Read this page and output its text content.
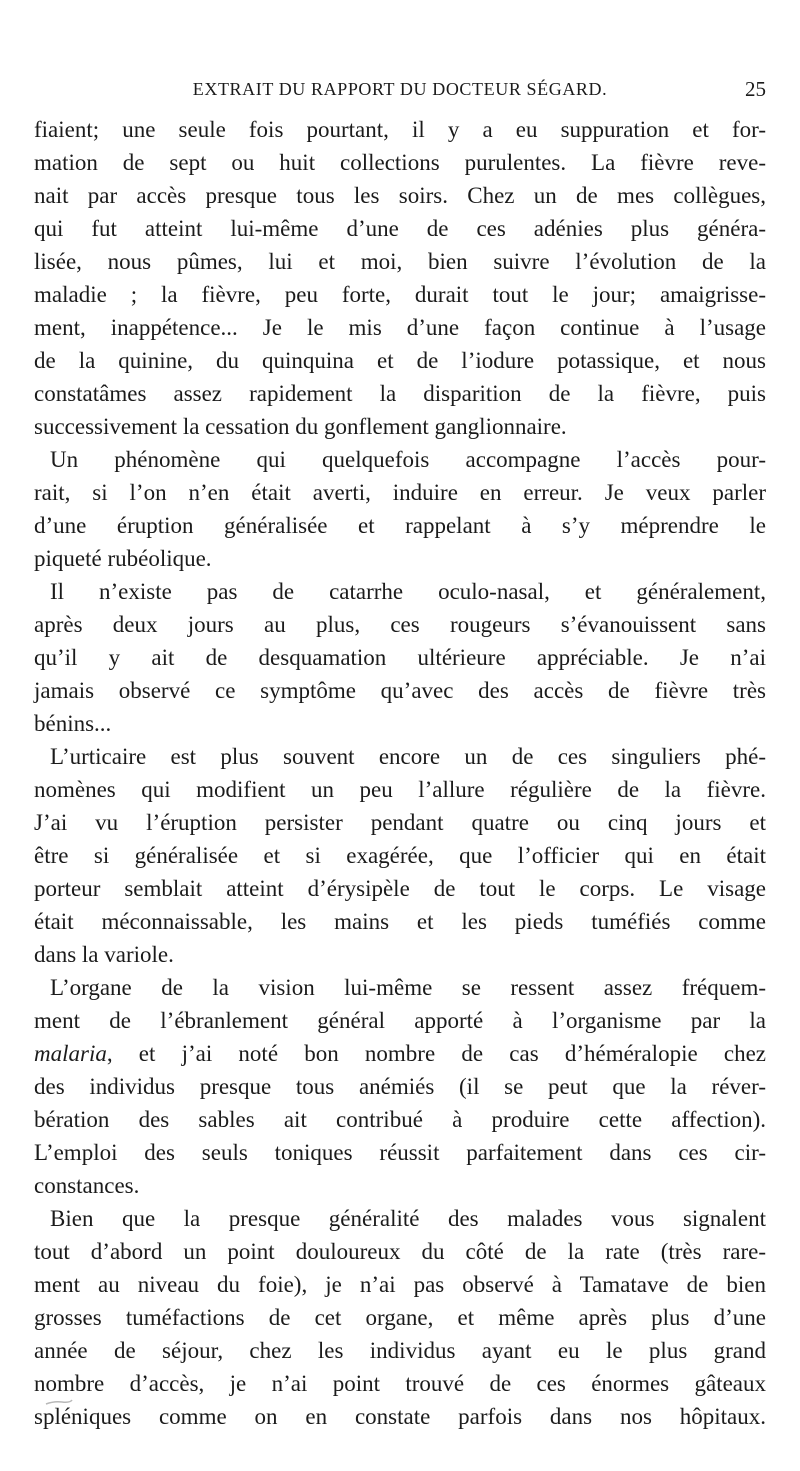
EXTRAIT DU RAPPORT DU DOCTEUR SÉGARD.	25
fiaient; une seule fois pourtant, il y a eu suppuration et for-
mation de sept ou huit collections purulentes. La fièvre reve-
nait par accès presque tous les soirs. Chez un de mes collègues,
qui fut atteint lui-même d’une de ces adénies plus généra-
lisée, nous pûmes, lui et moi, bien suivre l’évolution de la
maladie ; la fièvre, peu forte, durait tout le jour; amaigrisse-
ment, inappétence... Je le mis d’une façon continue à l’usage
de la quinine, du quinquina et de l’iodure potassique, et nous
constatâmes assez rapidement la disparition de la fièvre, puis
successivement la cessation du gonflement ganglionnaire.
Un phénomène qui quelquefois accompagne l’accès pour-
rait, si l’on n’en était averti, induire en erreur. Je veux parler
d’une éruption généralisée et rappelant à s’y méprendre le
piqueté rubéolique.
Il n’existe pas de catarrhe oculo-nasal, et généralement,
après deux jours au plus, ces rougeurs s’évanouissent sans
qu’il y ait de desquamation ultérieure appréciable. Je n’ai
jamais observé ce symptôme qu’avec des accès de fièvre très
bénins...
L’urticaire est plus souvent encore un de ces singuliers phé-
nomènes qui modifient un peu l’allure régulière de la fièvre.
J’ai vu l’éruption persister pendant quatre ou cinq jours et
être si généralisée et si exagérée, que l’officier qui en était
porteur semblait atteint d’érysipèle de tout le corps. Le visage
était méconnaissable, les mains et les pieds tuméfiés comme
dans la variole.
L’organe de la vision lui-même se ressent assez fréquem-
ment de l’ébranlement général apporté à l’organisme par la
malaria, et j’ai noté bon nombre de cas d’héméralopie chez
des individus presque tous anémiés (il se peut que la réver-
bération des sables ait contribué à produire cette affection).
L’emploi des seuls toniques réussit parfaitement dans ces cir-
constances.
Bien que la presque généralité des malades vous signalent
tout d’abord un point douloureux du côté de la rate (très rare-
ment au niveau du foie), je n’ai pas observé à Tamatave de bien
grosses tuméfactions de cet organe, et même après plus d’une
année de séjour, chez les individus ayant eu le plus grand
nombre d’accès, je n’ai point trouvé de ces énormes gâteaux
spléniques comme on en constate parfois dans nos hôpitaux.
